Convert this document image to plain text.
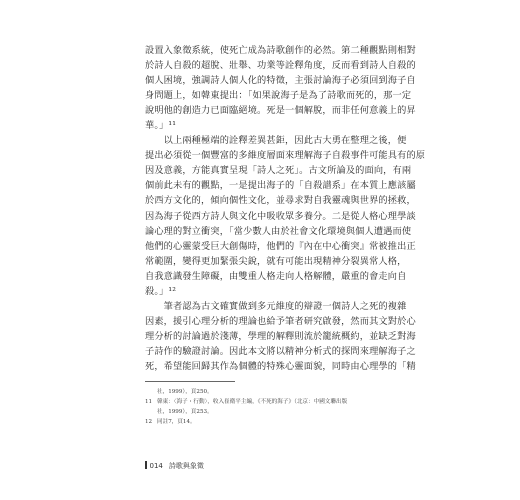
設置入象徵系統，使死亡成為詩歌創作的必然。第二種觀點則相對
於詩人自殺的超脫、壯舉、功業等詮釋角度，反而看到詩人自殺的
個人困境，強調詩人個人化的特徵，主張討論海子必須回到海子自
身問題上，如韓東提出：「如果說海子是為了詩歌而死的，那一定
說明他的創造力已面臨絕境。死是一個解脫，而非任何意義上的昇
華。」¹¹

　　以上兩種極端的詮釋差異甚鉅，因此古大勇在整理之後，便
提出必須從一個豐富的多維度層面來理解海子自殺事件可能具有的原
因及意義，方能真實呈現「詩人之死」。古文所論及的面向，有兩
個前此未有的觀點，一是提出海子的「自殺譜系」在本質上應該屬
於西方文化的，傾向個性文化，並尋求對自我靈魂與世界的拯救，
因為海子從西方詩人與文化中吸收眾多養分。二是從人格心理學談
論心理的對立衝突，「當少數人由於社會文化環境與個人遭遇而使
他們的心靈蒙受巨大創傷時，他們的『內在中心衝突』常被推出正
常範圍，變得更加緊張尖銳，就有可能出現精神分裂異常人格，
自我意識發生障礙，由雙重人格走向人格解體，嚴重的會走向自
殺。」¹²

　　筆者認為古文確實做到多元維度的辯證一個詩人之死的複雜
因素，援引心理分析的理論也給予筆者研究啟發，然而其文對於心
理分析的討論過於淺薄，學理的解釋則流於籠統概約，並缺乏對海
子詩作的驗證討論。因此本文將以精神分析式的探問來理解海子之
死，希望能回歸其作為個體的特殊心靈面貌，同時由心理學的「精

社，1999），頁250。
11 韓東：〈海子・行動〉，收入崔衛平主編，《不死的海子》（北京：中國文聯出版
社，1999），頁253。
12 同註7，頁14。
014 詩歌與象徵
